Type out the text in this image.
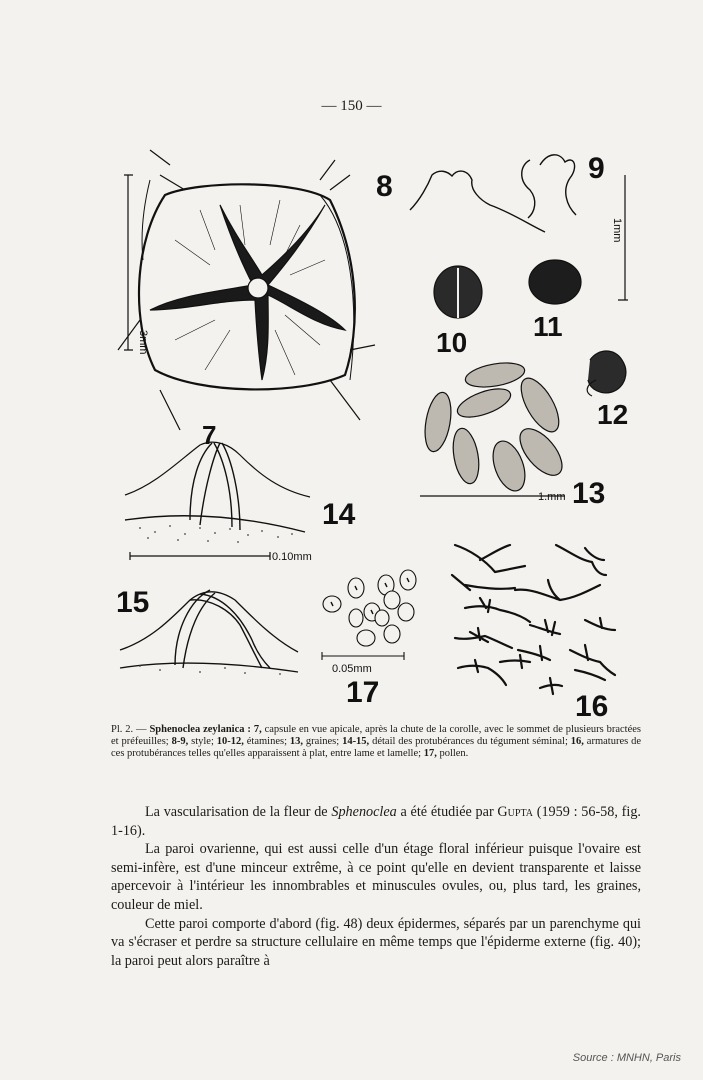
— 150 —
7
3mm
8
9
1mm
10
11
12
1.mm 13
0.10mm
14
15
0.05mm
17	16
Pl. 2. — Sphenoclea zeylanica : 7, capsule en vue apicale, après la chute de la corolle, avec le sommet de plusieurs bractées et préfeuilles; 8-9, style; 10-12, étamines; 13, graines; 14-15, détail des protubérances du tégument séminal; 16, armatures de ces protubérances telles qu'elles apparaissent à plat, entre lame et lamelle; 17, pollen.

La vascularisation de la fleur de Sphenoclea a été étudiée par Gupta (1959 : 56-58, fig. 1-16).

La paroi ovarienne, qui est aussi celle d'un étage floral inférieur puisque l'ovaire est semi-infère, est d'une minceur extrême, à ce point qu'elle en devient transparente et laisse apercevoir à l'intérieur les innombrables et minuscules ovules, ou, plus tard, les graines, couleur de miel.

Cette paroi comporte d'abord (fig. 48) deux épidermes, séparés par un parenchyme qui va s'écraser et perdre sa structure cellulaire en même temps que l'épiderme externe (fig. 40); la paroi peut alors paraître à

Source : MNHN, Paris
